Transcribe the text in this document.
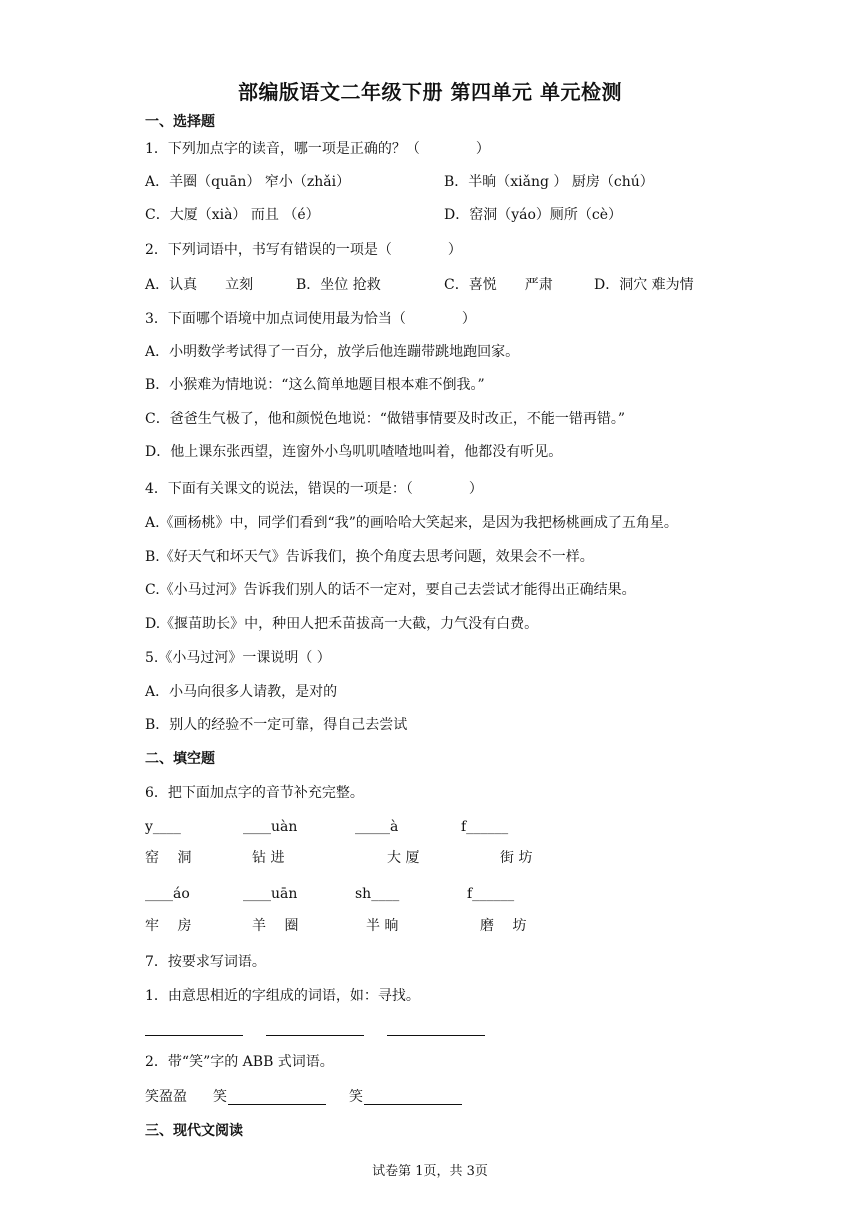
部编版语文二年级下册 第四单元 单元检测
一、选择题
1．下列加点字的读音，哪一项是正确的？（　　　　）
A．羊圈（quān） 窄小（zhǎi）	B．半晌（xiǎng ） 厨房（chú）
C．大厦（xià） 而且 （é）	D．窑洞（yáo）厕所（cè）
2．下列词语中，书写有错误的一项是（　　　　）
A．认真　　立刻	B．坐位 抢救	C．喜悦　　严肃	D．洞穴 难为情
3．下面哪个语境中加点词使用最为恰当（　　　　）
A．小明数学考试得了一百分，放学后他连蹦带跳地跑回家。
B．小猴难为情地说：“这么简单地题目根本难不倒我。”
C．爸爸生气极了，他和颜悦色地说：“做错事情要及时改正，不能一错再错。”
D．他上课东张西望，连窗外小鸟叽叽喳喳地叫着，他都没有听见。
4．下面有关课文的说法，错误的一项是：（　　　　）
A.《画杨桃》中，同学们看到“我”的画哈哈大笑起来，是因为我把杨桃画成了五角星。
B.《好天气和坏天气》告诉我们，换个角度去思考问题，效果会不一样。
C.《小马过河》告诉我们别人的话不一定对，要自己去尝试才能得出正确结果。
D.《揠苗助长》中，种田人把禾苗拔高一大截，力气没有白费。
5.《小马过河》一课说明（ ）
A．小马向很多人请教，是对的
B．别人的经验不一定可靠，得自己去尝试
二、填空题
6．把下面加点字的音节补充完整。
y____	____uàn	_____à	f______
窑　 洞	钻 进	大 厦	街 坊
____áo	____uān	sh____	f______
牢　 房	羊　 圈	半 晌	磨　 坊
7．按要求写词语。
1．由意思相近的字组成的词语，如：寻找。
2．带“笑”字的 ABB 式词语。
笑盈盈 笑	笑
三、现代文阅读
试卷第 1页，共 3页
